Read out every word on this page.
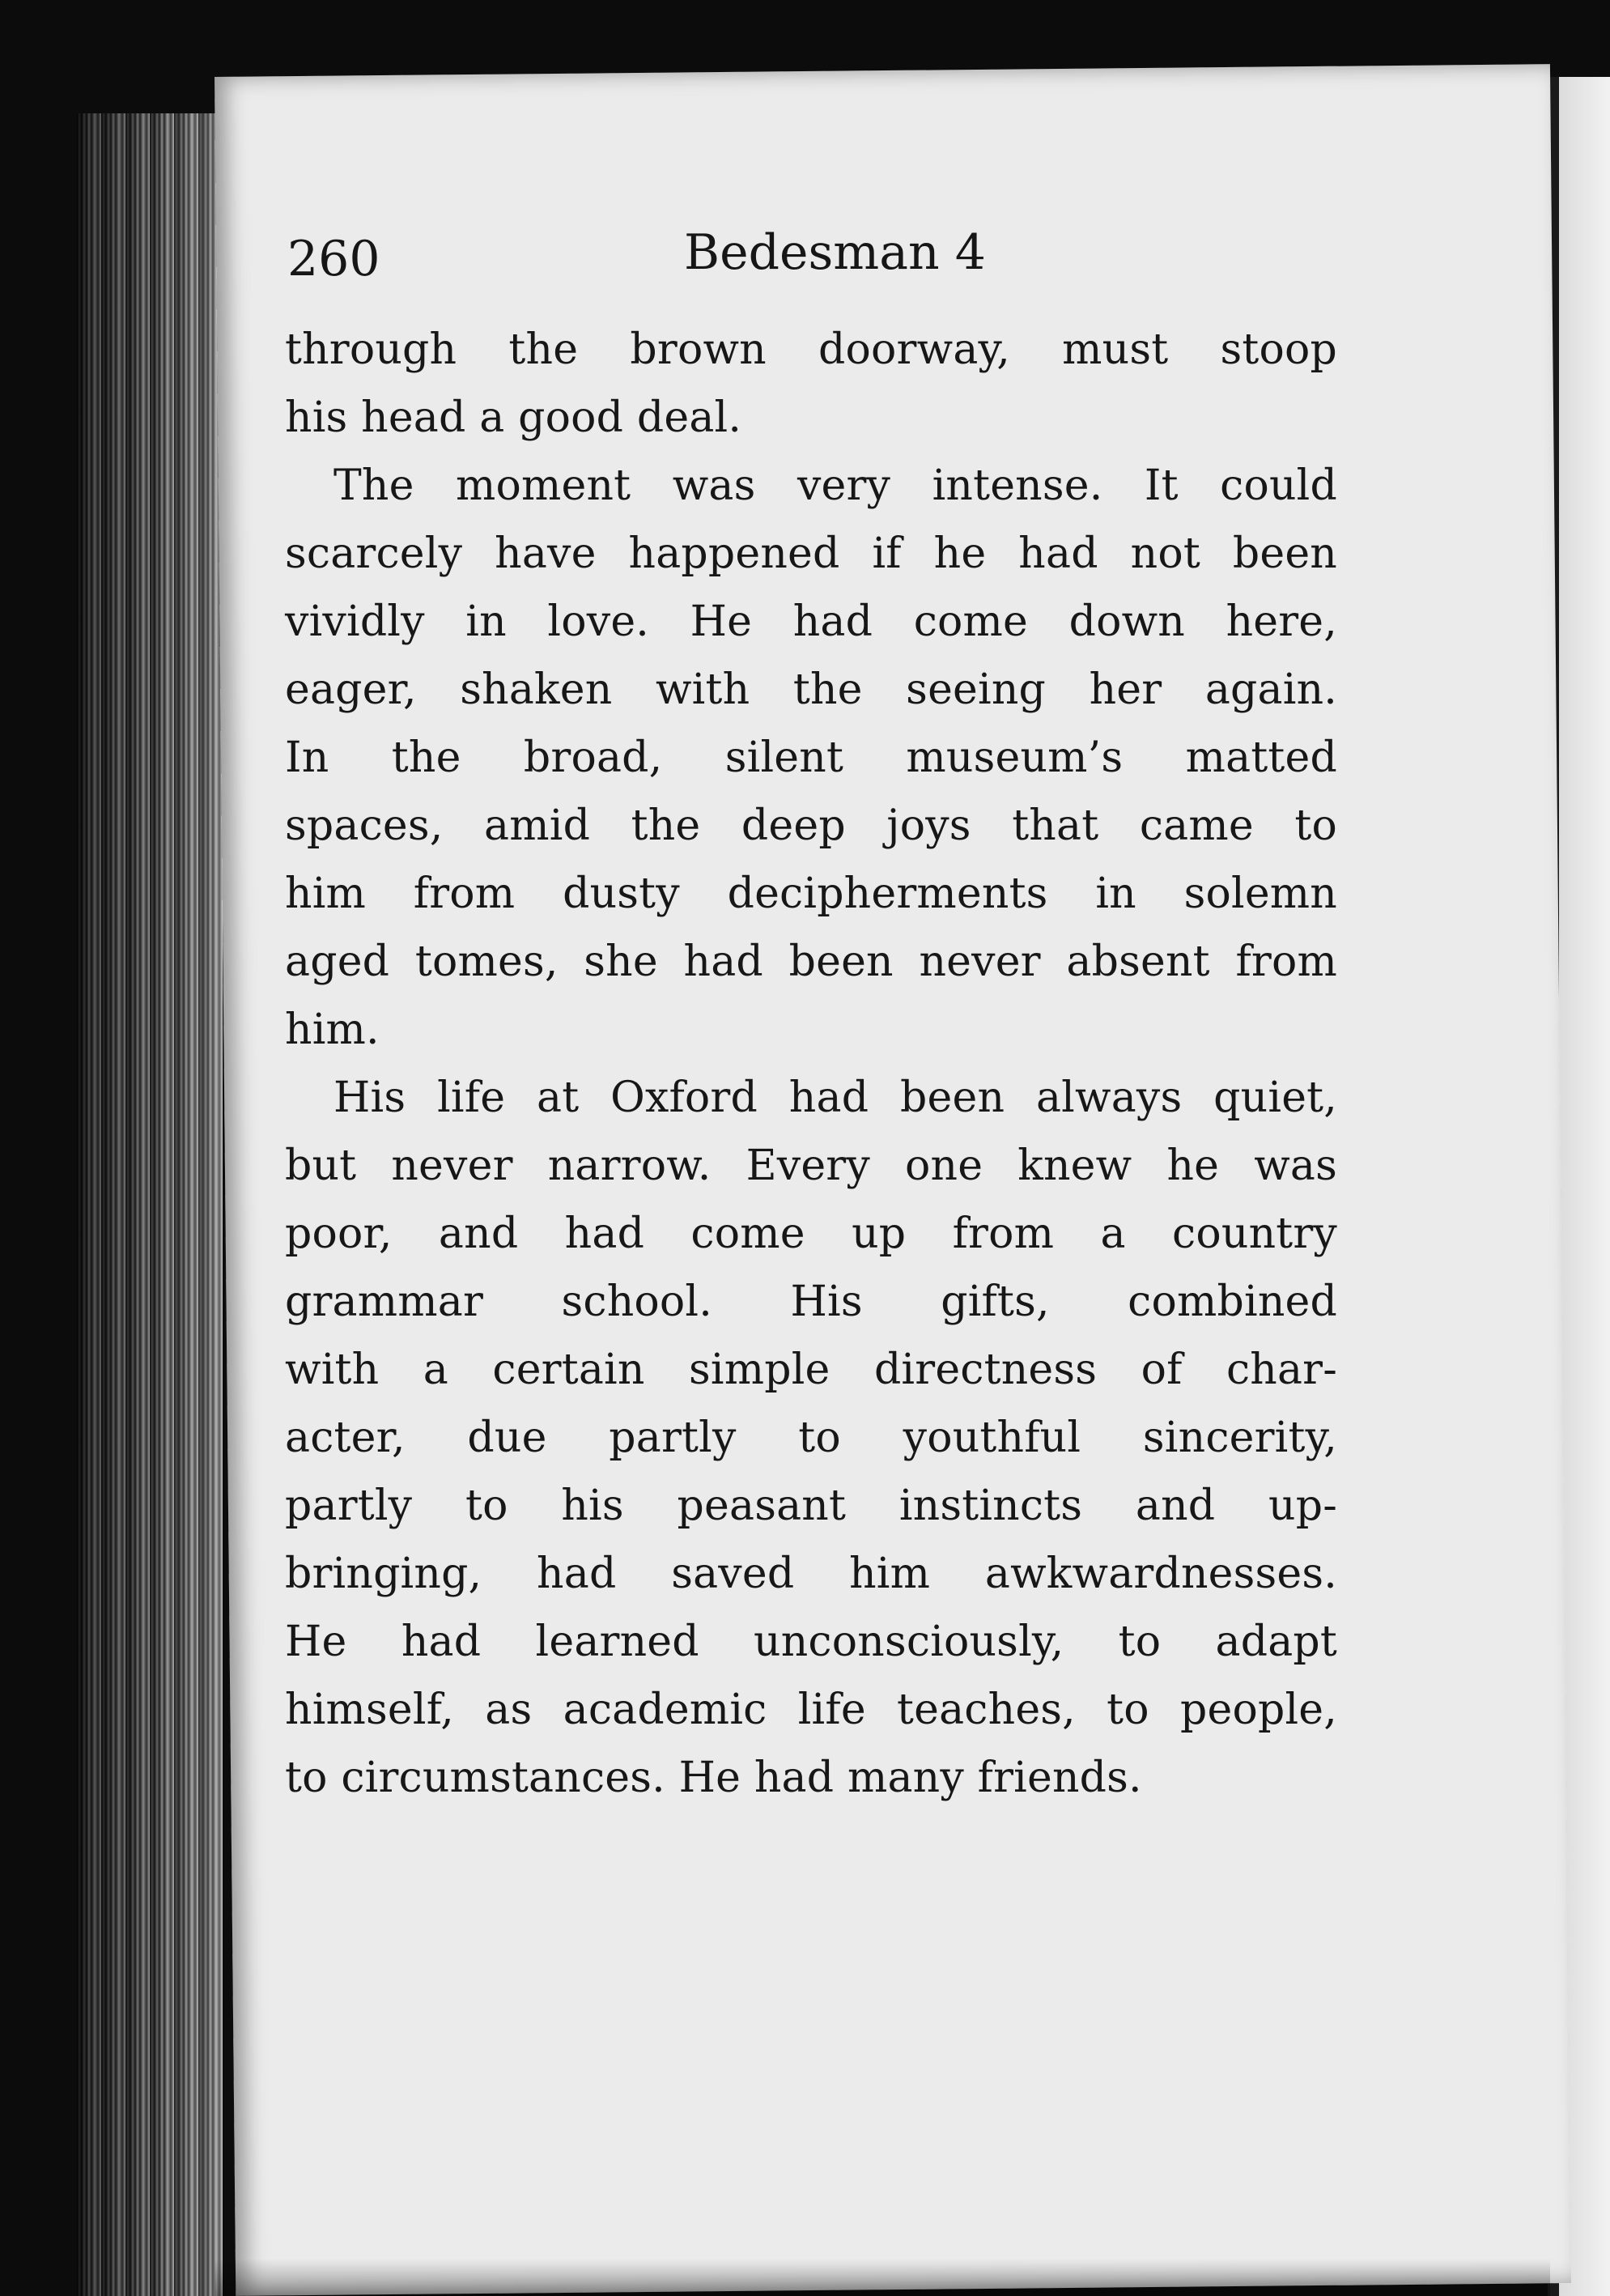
260	Bedesman 4
through the brown doorway, must stoop
his head a good deal.
The moment was very intense. It could
scarcely have happened if he had not been
vividly in love. He had come down here,
eager, shaken with the seeing her again.
In the broad, silent museum’s matted
spaces, amid the deep joys that came to
him from dusty decipherments in solemn
aged tomes, she had been never absent from
him.
His life at Oxford had been always quiet,
but never narrow. Every one knew he was
poor, and had come up from a country
grammar school. His gifts, combined
with a certain simple directness of char-
acter, due partly to youthful sincerity,
partly to his peasant instincts and up-
bringing, had saved him awkwardnesses.
He had learned unconsciously, to adapt
himself, as academic life teaches, to people,
to circumstances. He had many friends.
